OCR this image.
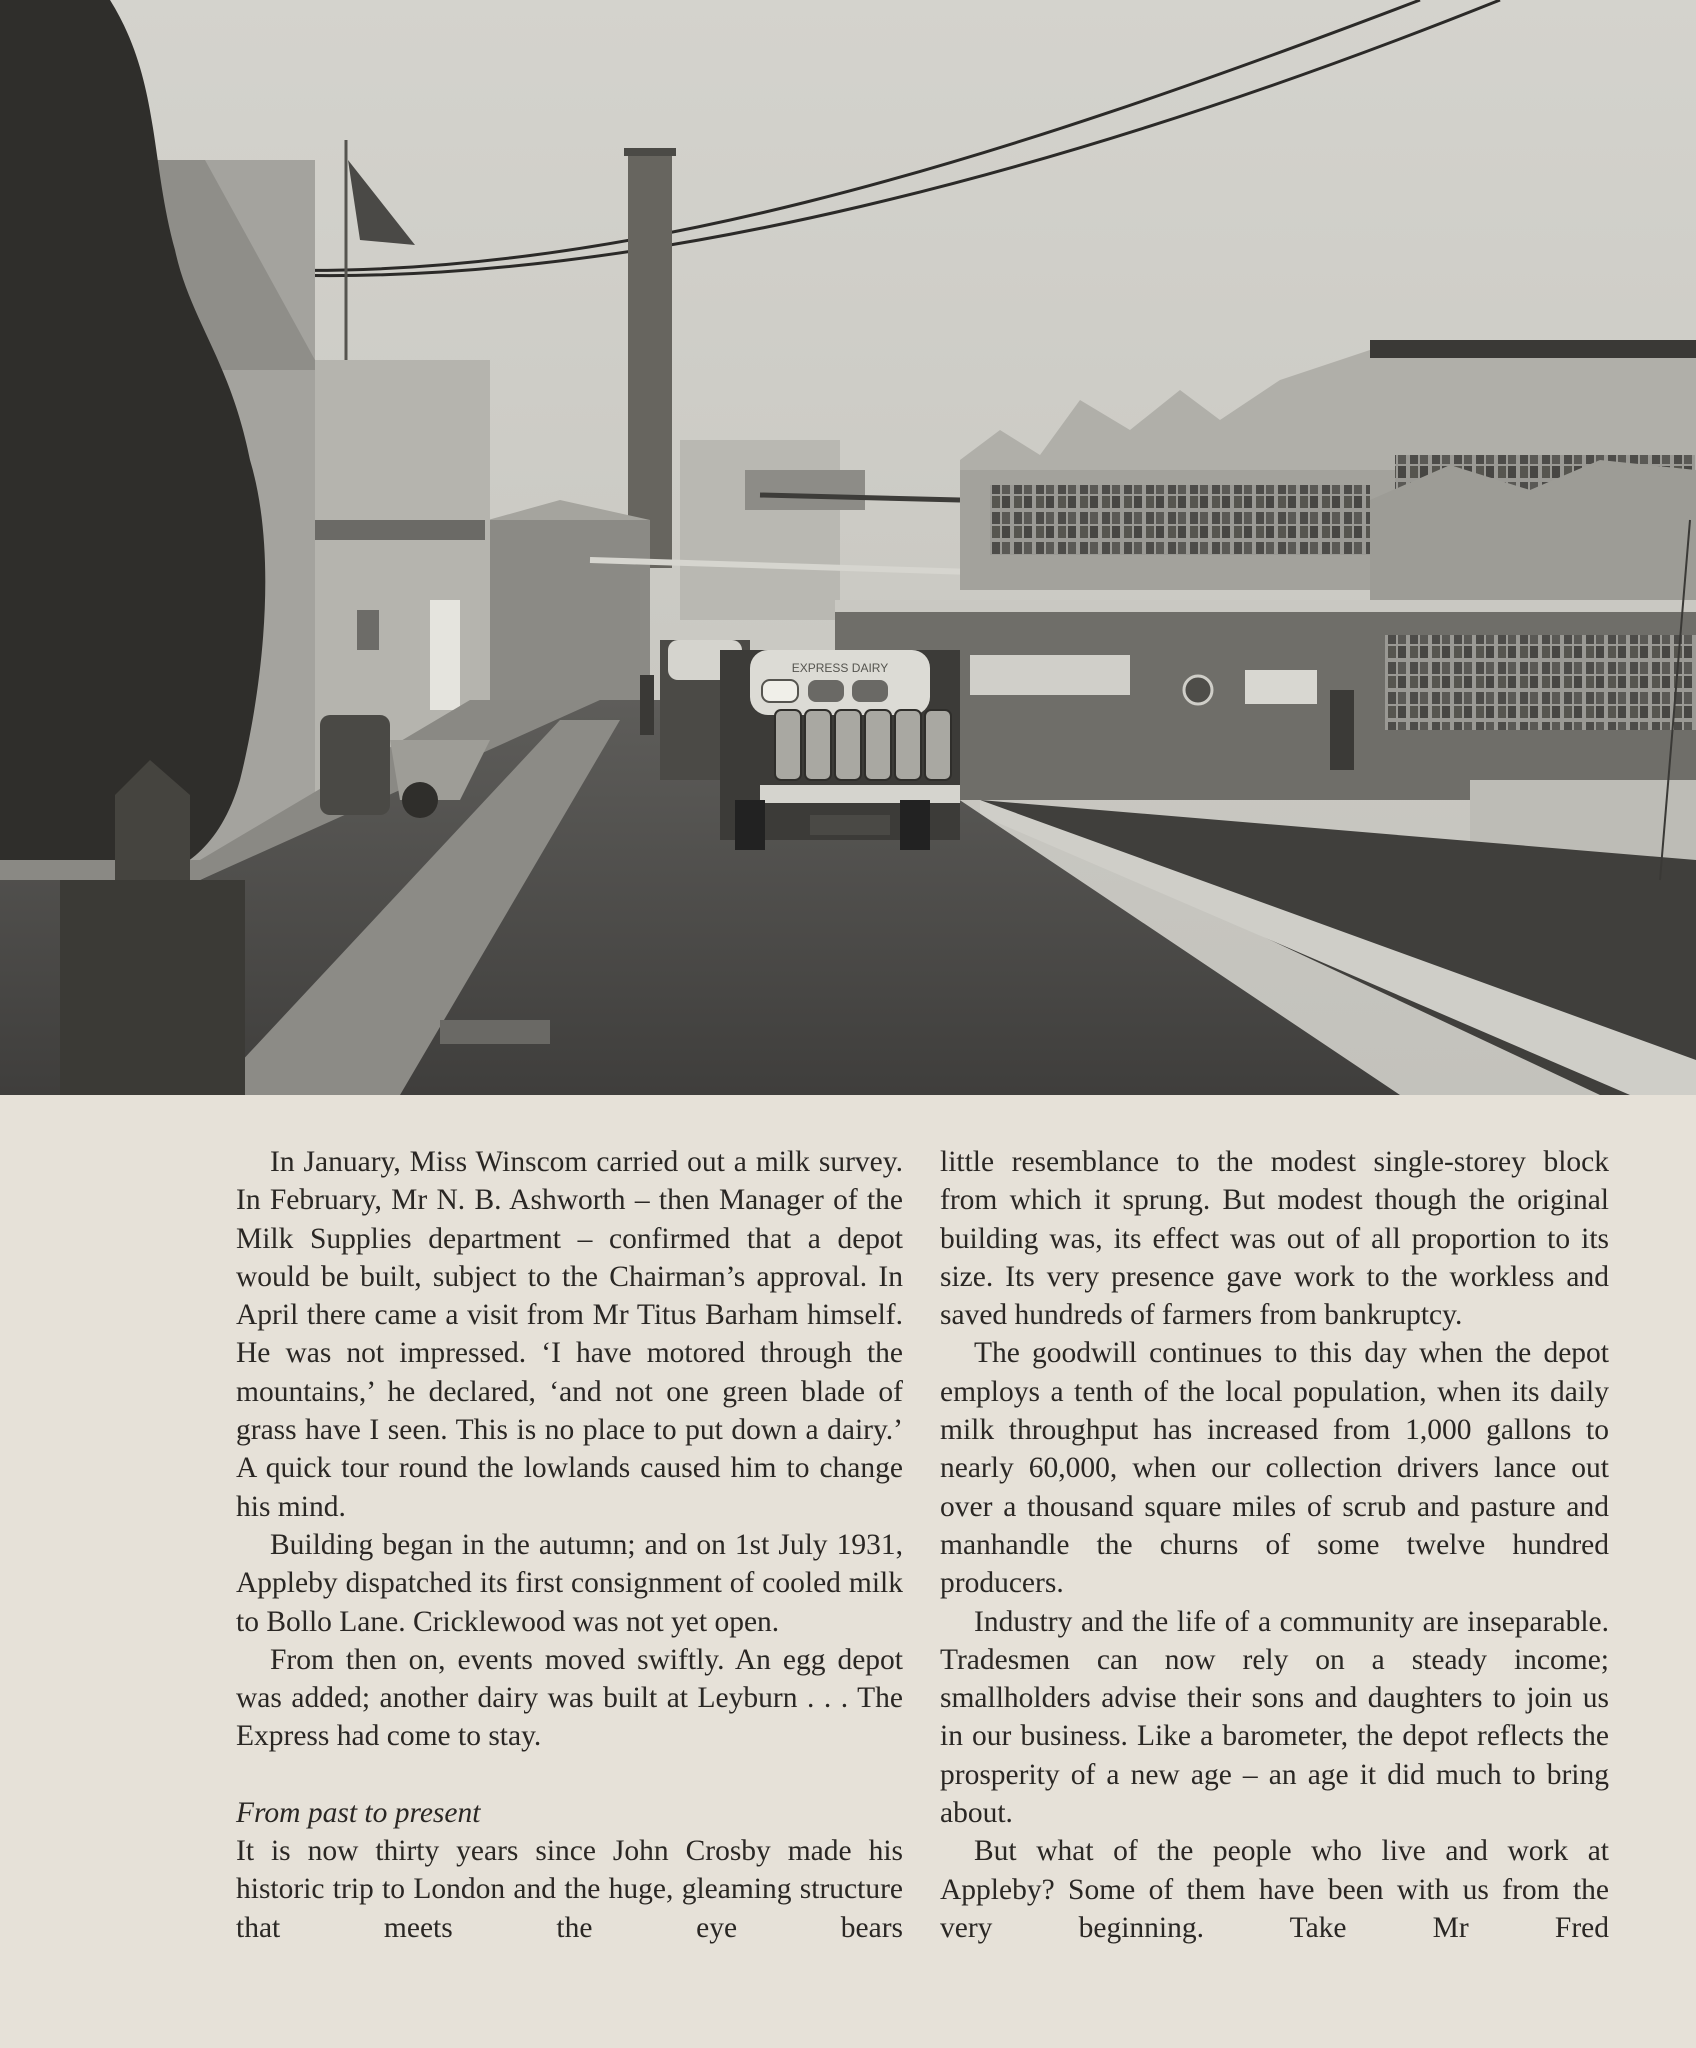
EXPRESS DAIRY

In January, Miss Winscom carried out a milk survey. In February, Mr N. B. Ashworth – then Manager of the Milk Supplies department – confirmed that a depot would be built, subject to the Chairman’s approval. In April there came a visit from Mr Titus Barham himself. He was not impressed. ‘I have motored through the mountains,’ he declared, ‘and not one green blade of grass have I seen. This is no place to put down a dairy.’ A quick tour round the lowlands caused him to change his mind.

Building began in the autumn; and on 1st July 1931, Appleby dispatched its first consignment of cooled milk to Bollo Lane. Cricklewood was not yet open.

From then on, events moved swiftly. An egg depot was added; another dairy was built at Leyburn . . . The Express had come to stay.

From past to present

It is now thirty years since John Crosby made his historic trip to London and the huge, gleaming structure that meets the eye bears

little resemblance to the modest single-storey block from which it sprung. But modest though the original building was, its effect was out of all proportion to its size. Its very presence gave work to the workless and saved hundreds of farmers from bankruptcy.

The goodwill continues to this day when the depot employs a tenth of the local population, when its daily milk throughput has increased from 1,000 gallons to nearly 60,000, when our collection drivers lance out over a thousand square miles of scrub and pasture and manhandle the churns of some twelve hundred producers.

Industry and the life of a community are inseparable. Tradesmen can now rely on a steady income; smallholders advise their sons and daughters to join us in our business. Like a barometer, the depot reflects the prosperity of a new age – an age it did much to bring about.

But what of the people who live and work at Appleby? Some of them have been with us from the very beginning. Take Mr Fred
